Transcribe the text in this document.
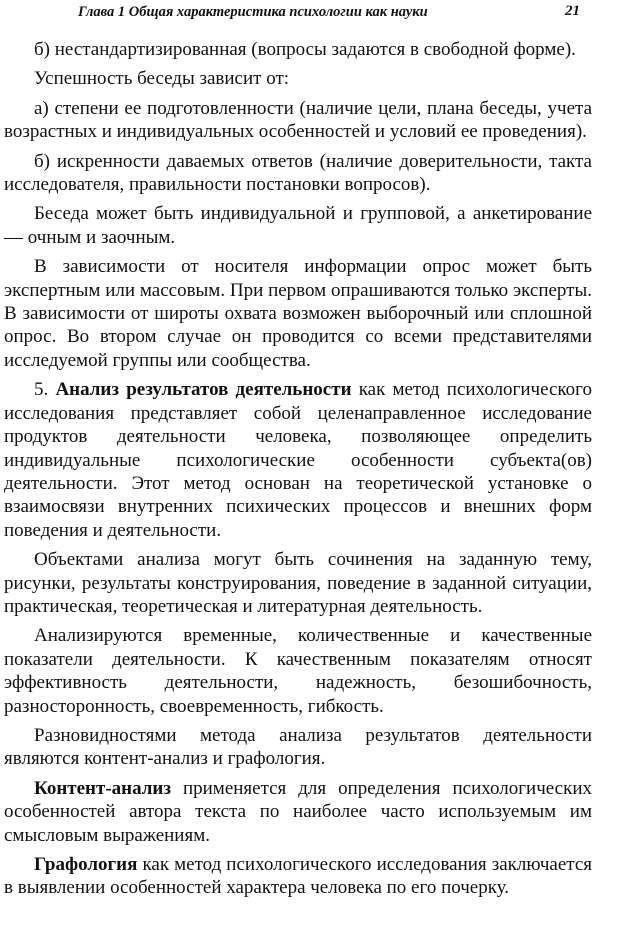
Глава 1 Общая характеристика психологии как науки	21

б) нестандартизированная (вопросы задаются в свободной форме).

Успешность беседы зависит от:

а) степени ее подготовленности (наличие цели, плана беседы, учета возрастных и индивидуальных особенностей и условий ее проведения).

б) искренности даваемых ответов (наличие доверительности, такта исследователя, правильности постановки вопросов).

Беседа может быть индивидуальной и групповой, а анкетирование — очным и заочным.

В зависимости от носителя информации опрос может быть экспертным или массовым. При первом опрашиваются только эксперты. В зависимости от широты охвата возможен выборочный или сплошной опрос. Во втором случае он проводится со всеми представителями исследуемой группы или сообщества.

5. Анализ результатов деятельности как метод психологического исследования представляет собой целенаправленное исследование продуктов деятельности человека, позволяющее определить индивидуальные психологические особенности субъекта(ов) деятельности. Этот метод основан на теоретической установке о взаимосвязи внутренних психических процессов и внешних форм поведения и деятельности.

Объектами анализа могут быть сочинения на заданную тему, рисунки, результаты конструирования, поведение в заданной ситуации, практическая, теоретическая и литературная деятельность.

Анализируются временные, количественные и качественные показатели деятельности. К качественным показателям относят эффективность деятельности, надежность, безошибочность, разносторонность, своевременность, гибкость.

Разновидностями метода анализа результатов деятельности являются контент-анализ и графология.

Контент-анализ применяется для определения психологических особенностей автора текста по наиболее часто используемым им смысловым выражениям.

Графология как метод психологического исследования заключается в выявлении особенностей характера человека по его почерку.
